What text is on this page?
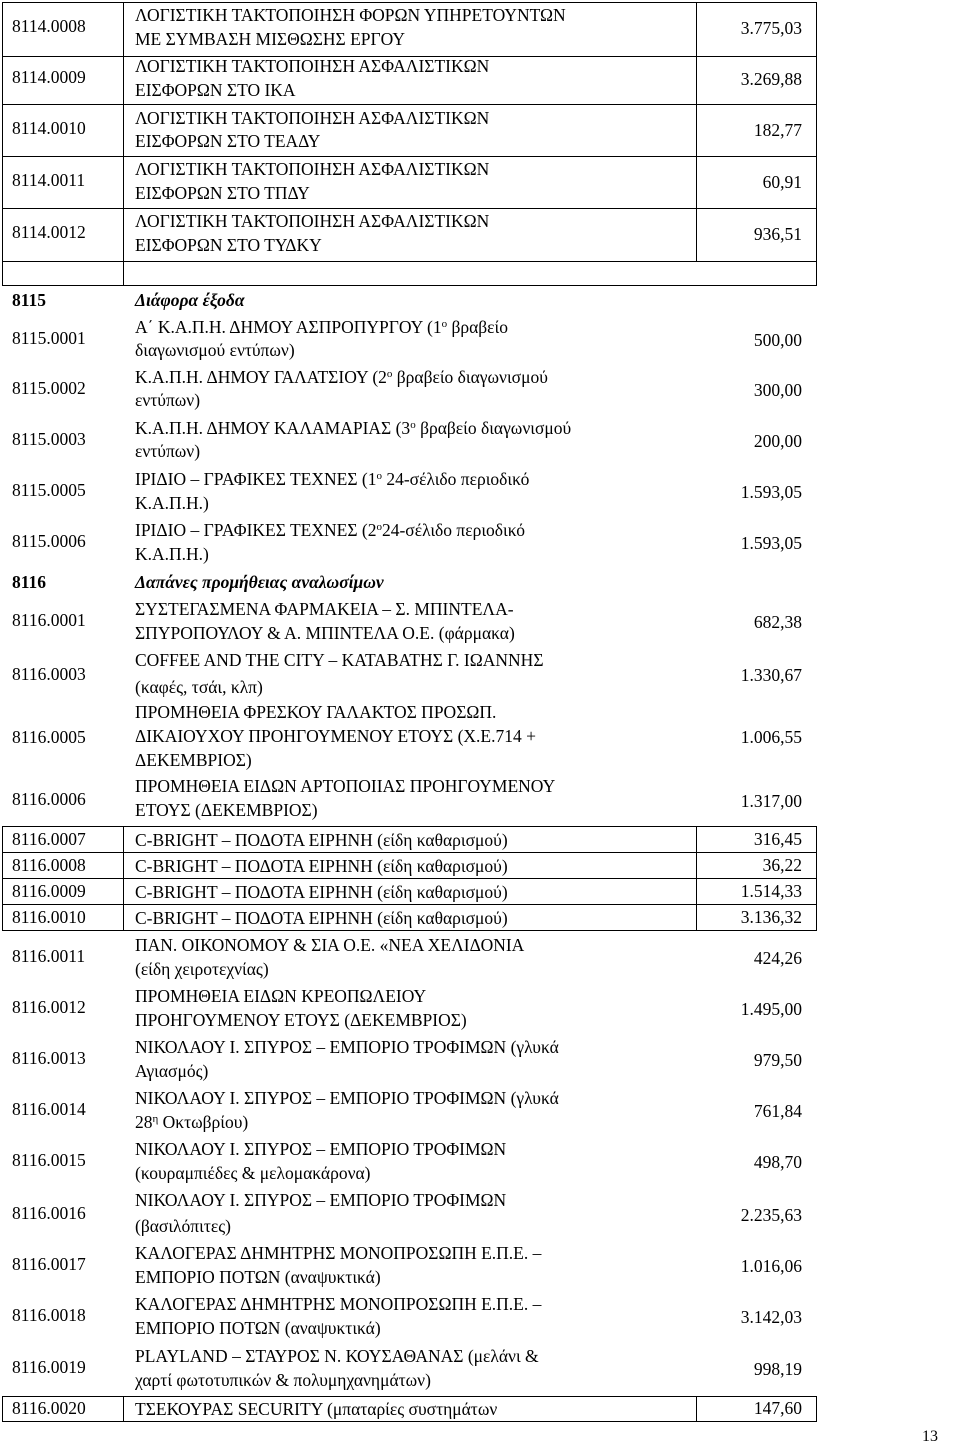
8114.0008
ΛΟΓΙΣΤΙΚΗ ΤΑΚΤΟΠΟΙΗΣΗ ΦΟΡΩΝ ΥΠΗΡΕΤΟΥΝΤΩΝ
ΜΕ ΣΥΜΒΑΣΗ ΜΙΣΘΩΣΗΣ ΕΡΓΟΥ
3.775,03
8114.0009
ΛΟΓΙΣΤΙΚΗ ΤΑΚΤΟΠΟΙΗΣΗ ΑΣΦΑΛΙΣΤΙΚΩΝ
ΕΙΣΦΟΡΩΝ ΣΤΟ ΙΚΑ
3.269,88
8114.0010	ΛΟΓΙΣΤΙΚΗ ΤΑΚΤΟΠΟΙΗΣΗ ΑΣΦΑΛΙΣΤΙΚΩΝ
ΕΙΣΦΟΡΩΝ ΣΤΟ ΤΕΑΔΥ
182,77
8114.0011
ΛΟΓΙΣΤΙΚΗ ΤΑΚΤΟΠΟΙΗΣΗ ΑΣΦΑΛΙΣΤΙΚΩΝ
ΕΙΣΦΟΡΩΝ ΣΤΟ ΤΠΔΥ
60,91
8114.0012
ΛΟΓΙΣΤΙΚΗ ΤΑΚΤΟΠΟΙΗΣΗ ΑΣΦΑΛΙΣΤΙΚΩΝ
ΕΙΣΦΟΡΩΝ ΣΤΟ ΤΥΔΚΥ
936,51
8115	Διάφορα έξοδα
8115.0001
Α΄ Κ.Α.Π.Η. ΔΗΜΟΥ ΑΣΠΡΟΠΥΡΓΟΥ ($1^o$ βραβείο
διαγωνισμού εντύπων)	500,00
8115.0002
Κ.Α.Π.Η. ΔΗΜΟΥ ΓΑΛΑΤΣΙΟΥ ($2^o$ βραβείο διαγωνισμού
εντύπων)	300,00
8115.0003
Κ.Α.Π.Η. ΔΗΜΟΥ ΚΑΛΑΜΑΡΙΑΣ ($3^o$ βραβείο διαγωνισμού
εντύπων)	200,00
8115.0005
ΙΡΙΔΙΟ – ΓΡΑΦΙΚΕΣ ΤΕΧΝΕΣ ($1^o$ 24-σέλιδο περιοδικό
Κ.Α.Π.Η.)
1.593,05
8115.0006
ΙΡΙΔΙΟ – ΓΡΑΦΙΚΕΣ ΤΕΧΝΕΣ ($2^o24$-σέλιδο περιοδικό
Κ.Α.Π.Η.)
1.593,05
8116	Δαπάνες προμήθειας αναλωσίμων
8116.0001
ΣΥΣΤΕΓΑΣΜΕΝΑ ΦΑΡΜΑΚΕΙΑ – Σ. ΜΠΙΝΤΕΛΑ-
ΣΠΥΡΟΠΟΥΛΟΥ & Α. ΜΠΙΝΤΕΛΑ Ο.Ε. (φάρμακα)
682,38
8116.0003
COFFEE AND THE CITY – ΚΑΤΑΒΑΤΗΣ Γ. ΙΩΑΝΝΗΣ
(καφές, τσάι, κλπ)
1.330,67
8116.0005
ΠΡΟΜΗΘΕΙΑ ΦΡΕΣΚΟΥ ΓΑΛΑΚΤΟΣ ΠΡΟΣΩΠ.
ΔΙΚΑΙΟΥΧΟΥ ΠΡΟΗΓΟΥΜΕΝΟΥ ΕΤΟΥΣ (Χ.Ε.714 +
ΔΕΚΕΜΒΡΙΟΣ)
1.006,55
8116.0006
ΠΡΟΜΗΘΕΙΑ ΕΙΔΩΝ ΑΡΤΟΠΟΙΙΑΣ ΠΡΟΗΓΟΥΜΕΝΟΥ
ΕΤΟΥΣ (ΔΕΚΕΜΒΡΙΟΣ)	1.317,00
8116.0007	C-BRIGHT – ΠΟΔΟΤΑ ΕΙΡΗΝΗ (είδη καθαρισμού)	316,45
8116.0008	C-BRIGHT – ΠΟΔΟΤΑ ΕΙΡΗΝΗ (είδη καθαρισμού)	36,22
8116.0009	C-BRIGHT – ΠΟΔΟΤΑ ΕΙΡΗΝΗ (είδη καθαρισμού)	1.514,33
8116.0010	C-BRIGHT – ΠΟΔΟΤΑ ΕΙΡΗΝΗ (είδη καθαρισμού)	3.136,32
8116.0011
ΠΑΝ. ΟΙΚΟΝΟΜΟΥ & ΣΙΑ Ο.Ε. «ΝΕΑ ΧΕΛΙΔΟΝΙΑ
(είδη χειροτεχνίας)
424,26
8116.0012
ΠΡΟΜΗΘΕΙΑ ΕΙΔΩΝ ΚΡΕΟΠΩΛΕΙΟΥ
ΠΡΟΗΓΟΥΜΕΝΟΥ ΕΤΟΥΣ (ΔΕΚΕΜΒΡΙΟΣ)
1.495,00
8116.0013
ΝΙΚΟΛΑΟΥ Ι. ΣΠΥΡΟΣ – ΕΜΠΟΡΙΟ ΤΡΟΦΙΜΩΝ (γλυκά
Αγιασμός)
979,50
8116.0014
ΝΙΚΟΛΑΟΥ Ι. ΣΠΥΡΟΣ – ΕΜΠΟΡΙΟ ΤΡΟΦΙΜΩΝ (γλυκά
$28^\eta$ Οκτωβρίου)
761,84
8116.0015
ΝΙΚΟΛΑΟΥ Ι. ΣΠΥΡΟΣ – ΕΜΠΟΡΙΟ ΤΡΟΦΙΜΩΝ
(κουραμπιέδες & μελομακάρονα)
498,70
8116.0016
ΝΙΚΟΛΑΟΥ Ι. ΣΠΥΡΟΣ – ΕΜΠΟΡΙΟ ΤΡΟΦΙΜΩΝ
(βασιλόπιτες)
2.235,63
8116.0017
ΚΑΛΟΓΕΡΑΣ ΔΗΜΗΤΡΗΣ ΜΟΝΟΠΡΟΣΩΠΗ Ε.Π.Ε. –
ΕΜΠΟΡΙΟ ΠΟΤΩΝ (αναψυκτικά)
1.016,06
8116.0018
ΚΑΛΟΓΕΡΑΣ ΔΗΜΗΤΡΗΣ ΜΟΝΟΠΡΟΣΩΠΗ Ε.Π.Ε. –
ΕΜΠΟΡΙΟ ΠΟΤΩΝ (αναψυκτικά)
3.142,03
8116.0019
PLAYLAND – ΣΤΑΥΡΟΣ Ν. ΚΟΥΣΑΘΑΝΑΣ (μελάνι &
χαρτί φωτοτυπικών & πολυμηχανημάτων)
998,19
8116.0020	ΤΣΕΚΟΥΡΑΣ SECURITY (μπαταρίες συστημάτων	147,60
13
